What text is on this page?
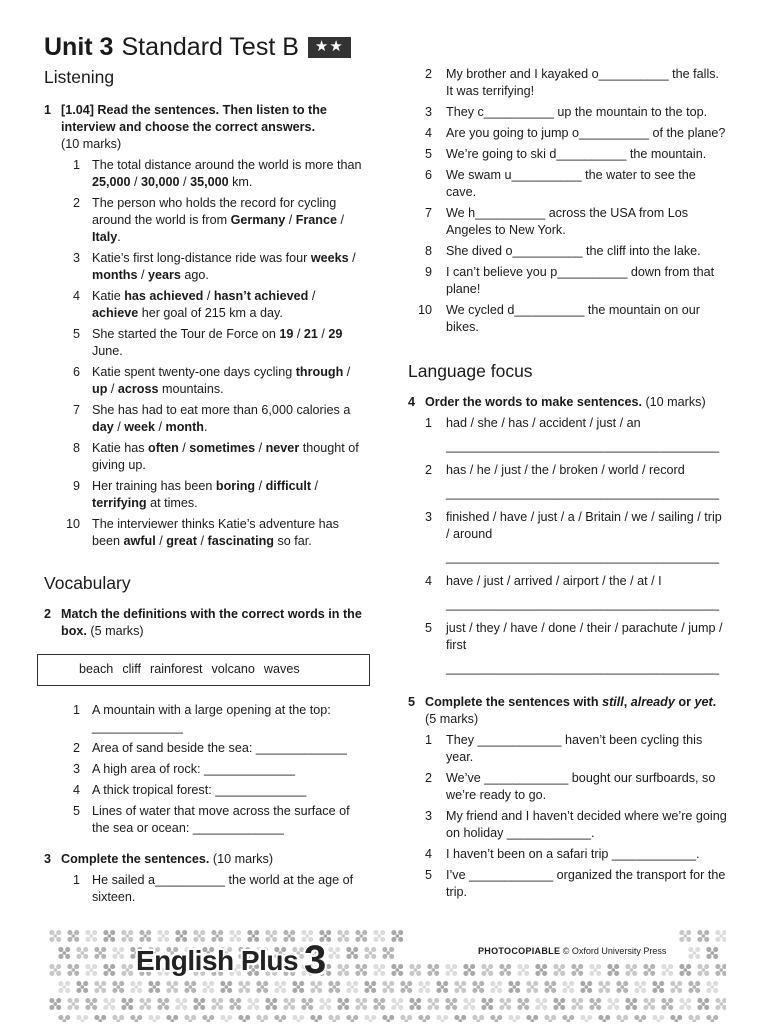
Unit 3 Standard Test B	★★
Listening
1 [1.04] Read the sentences. Then listen to the interview and choose the correct answers.
(10 marks)
1 The total distance around the world is more than 25,000 / 30,000 / 35,000 km.
2 The person who holds the record for cycling around the world is from Germany / France / Italy.
3 Katie’s first long-distance ride was four weeks / months / years ago.
4 Katie has achieved / hasn’t achieved / achieve her goal of 215 km a day.
5 She started the Tour de Force on 19 / 21 / 29 June.
6 Katie spent twenty-one days cycling through / up / across mountains.
7 She has had to eat more than 6,000 calories a day / week / month.
8 Katie has often / sometimes / never thought of giving up.
9 Her training has been boring / difficult / terrifying at times.
10 The interviewer thinks Katie’s adventure has been awful / great / fascinating so far.
Vocabulary
2 Match the definitions with the correct words in the box. (5 marks)
beach cliff rainforest volcano waves
1 A mountain with a large opening at the top:
_____________
2 Area of sand beside the sea: _____________
3 A high area of rock: _____________
4 A thick tropical forest: _____________
5 Lines of water that move across the surface of the sea or ocean: _____________
3 Complete the sentences. (10 marks)
1 He sailed a__________ the world at the age of sixteen.
2	My brother and I kayaked o__________ the falls. It was terrifying!
3	They c__________ up the mountain to the top.
4	Are you going to jump o__________ of the plane?
5	We’re going to ski d__________ the mountain.
6	We swam u__________ the water to see the cave.
7	We h__________ across the USA from Los Angeles to New York.
8	She dived o__________ the cliff into the lake.
9	I can’t believe you p__________ down from that plane!
10	We cycled d__________ the mountain on our bikes.
Language focus
4 Order the words to make sentences. (10 marks)
1	had / she / has / accident / just / an
_______________________________________
2	has / he / just / the / broken / world / record
_______________________________________
3	finished / have / just / a / Britain / we / sailing / trip / around
_______________________________________
4	have / just / arrived / airport / the / at / I
_______________________________________
5	just / they / have / done / their / parachute / jump / first
_______________________________________
5 Complete the sentences with still, already or yet.
(5 marks)
1	They ____________ haven’t been cycling this year.
2	We’ve ____________ bought our surfboards, so we’re ready to go.
3	My friend and I haven’t decided where we’re going on holiday ____________.
4	I haven’t been on a safari trip ____________.
5	I’ve ____________ organized the transport for the trip.
English Plus 3	PHOTOCOPIABLE © Oxford University Press
